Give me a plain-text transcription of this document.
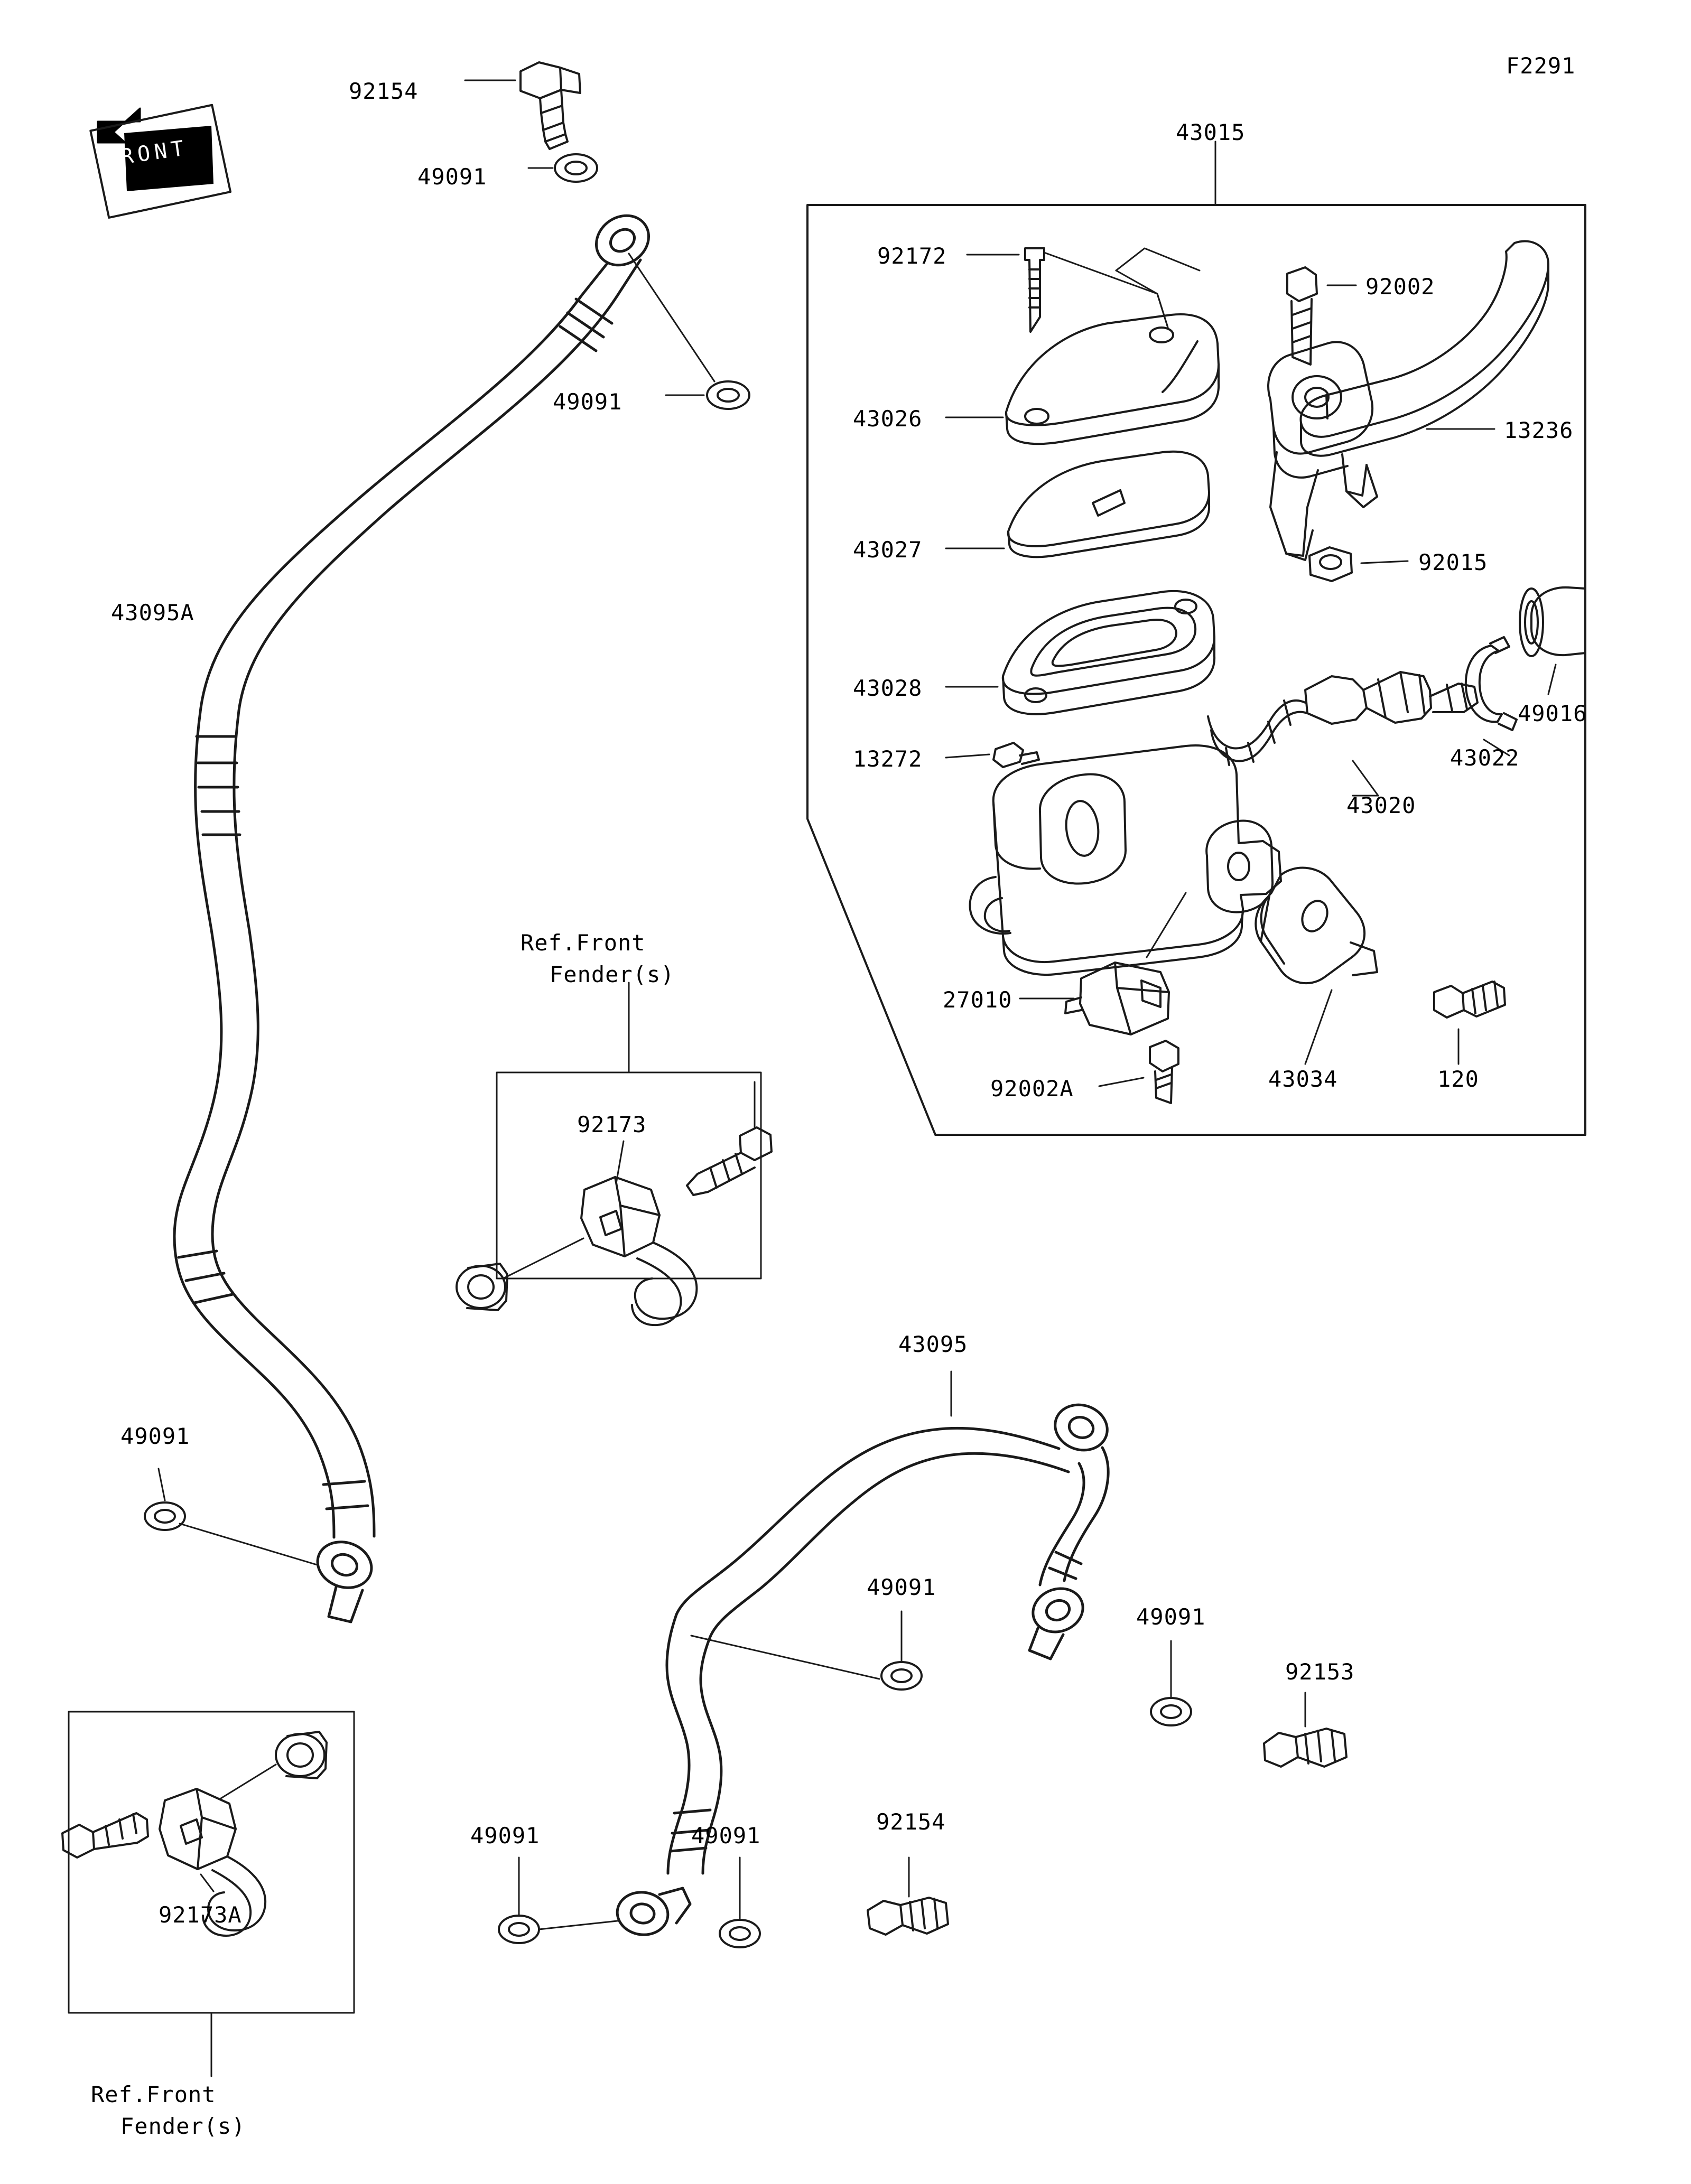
F2291
92154
49091
49091
43095A
43015
92172
92002
43026	13236
43027	92015
43028
49016
43022
13272
43020
27010
43034	120
92002A
92173
43095
49091
49091
49091
92153
92173A
49091	49091
92154
Ref.Front
Fender(s)
Ref.Front
Fender(s)
FRONT
